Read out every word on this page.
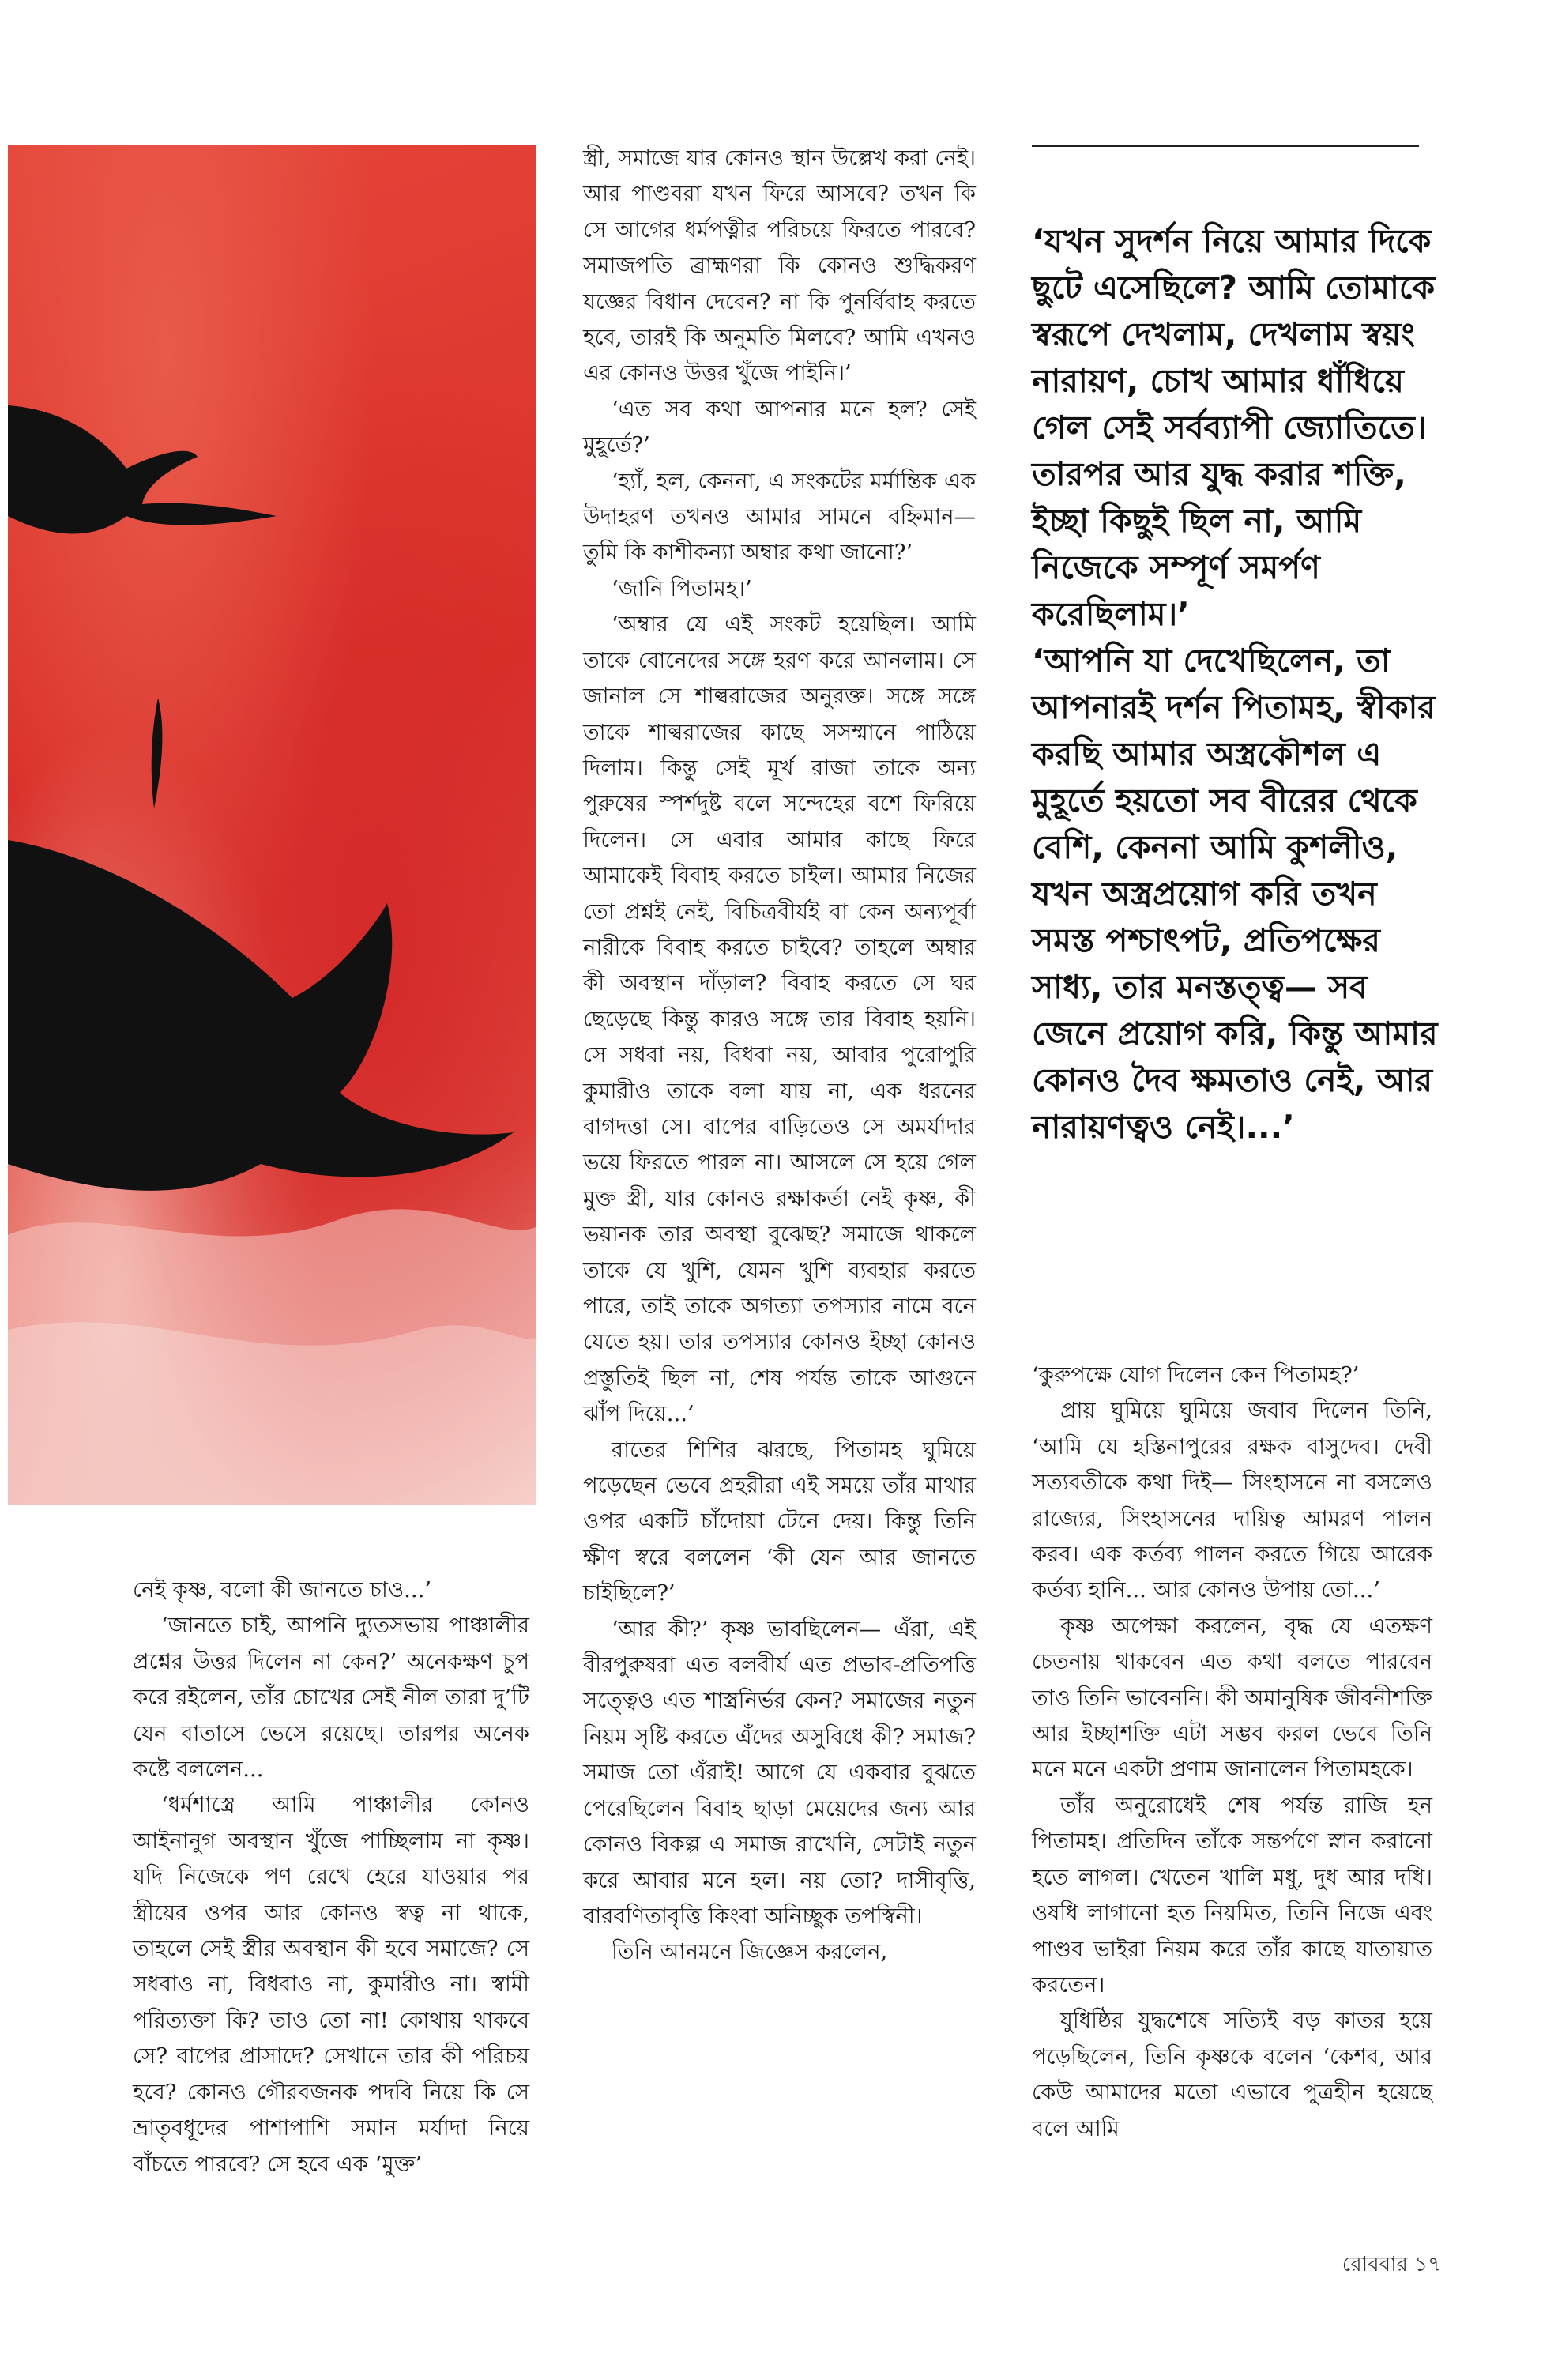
নেই কৃষ্ণ, বলো কী জানতে চাও...’

‘জানতে চাই, আপনি দ্যুতসভায় পাঞ্চালীর প্রশ্নের উত্তর দিলেন না কেন?’ অনেকক্ষণ চুপ করে রইলেন, তাঁর চোখের সেই নীল তারা দু’টি যেন বাতাসে ভেসে রয়েছে। তারপর অনেক কষ্টে বললেন...

‘ধর্মশাস্ত্রে আমি পাঞ্চালীর কোনও আইনানুগ অবস্থান খুঁজে পাচ্ছিলাম না কৃষ্ণ। যদি নিজেকে পণ রেখে হেরে যাওয়ার পর স্ত্রীয়ের ওপর আর কোনও স্বত্ব না থাকে, তাহলে সেই স্ত্রীর অবস্থান কী হবে সমাজে? সে সধবাও না, বিধবাও না, কুমারীও না। স্বামী পরিত্যক্তা কি? তাও তো না! কোথায় থাকবে সে? বাপের প্রাসাদে? সেখানে তার কী পরিচয় হবে? কোনও গৌরবজনক পদবি নিয়ে কি সে ভ্রাতৃবধূদের পাশাপাশি সমান মর্যাদা নিয়ে বাঁচতে পারবে? সে হবে এক ‘মুক্ত’

স্ত্রী, সমাজে যার কোনও স্থান উল্লেখ করা নেই। আর পাণ্ডবরা যখন ফিরে আসবে? তখন কি সে আগের ধর্মপত্নীর পরিচয়ে ফিরতে পারবে? সমাজপতি ব্রাহ্মণরা কি কোনও শুদ্ধিকরণ যজ্ঞের বিধান দেবেন? না কি পুনর্বিবাহ করতে হবে, তারই কি অনুমতি মিলবে? আমি এখনও এর কোনও উত্তর খুঁজে পাইনি।’

‘এত সব কথা আপনার মনে হল? সেই মুহূর্তে?’

‘হ্যাঁ, হল, কেননা, এ সংকটের মর্মান্তিক এক উদাহরণ তখনও আমার সামনে বহ্নিমান— তুমি কি কাশীকন্যা অম্বার কথা জানো?’

‘জানি পিতামহ।’

‘অম্বার যে এই সংকট হয়েছিল। আমি তাকে বোনেদের সঙ্গে হরণ করে আনলাম। সে জানাল সে শাল্বরাজের অনুরক্ত। সঙ্গে সঙ্গে তাকে শাল্বরাজের কাছে সসম্মানে পাঠিয়ে দিলাম। কিন্তু সেই মূর্খ রাজা তাকে অন্য পুরুষের স্পর্শদুষ্ট বলে সন্দেহের বশে ফিরিয়ে দিলেন। সে এবার আমার কাছে ফিরে আমাকেই বিবাহ করতে চাইল। আমার নিজের তো প্রশ্নই নেই, বিচিত্রবীর্যই বা কেন অন্যপূর্বা নারীকে বিবাহ করতে চাইবে? তাহলে অম্বার কী অবস্থান দাঁড়াল? বিবাহ করতে সে ঘর ছেড়েছে কিন্তু কারও সঙ্গে তার বিবাহ হয়নি। সে সধবা নয়, বিধবা নয়, আবার পুরোপুরি কুমারীও তাকে বলা যায় না, এক ধরনের বাগদত্তা সে। বাপের বাড়িতেও সে অমর্যাদার ভয়ে ফিরতে পারল না। আসলে সে হয়ে গেল মুক্ত স্ত্রী, যার কোনও রক্ষাকর্তা নেই কৃষ্ণ, কী ভয়ানক তার অবস্থা বুঝেছ? সমাজে থাকলে তাকে যে খুশি, যেমন খুশি ব্যবহার করতে পারে, তাই তাকে অগত্যা তপস্যার নামে বনে যেতে হয়। তার তপস্যার কোনও ইচ্ছা কোনও প্রস্তুতিই ছিল না, শেষ পর্যন্ত তাকে আগুনে ঝাঁপ দিয়ে...’

রাতের শিশির ঝরছে, পিতামহ ঘুমিয়ে পড়েছেন ভেবে প্রহরীরা এই সময়ে তাঁর মাথার ওপর একটি চাঁদোয়া টেনে দেয়। কিন্তু তিনি ক্ষীণ স্বরে বললেন ‘কী যেন আর জানতে চাইছিলে?’

‘আর কী?’ কৃষ্ণ ভাবছিলেন— এঁরা, এই বীরপুরুষরা এত বলবীর্য এত প্রভাব-প্রতিপত্তি সত্ত্বেও এত শাস্ত্রনির্ভর কেন? সমাজের নতুন নিয়ম সৃষ্টি করতে এঁদের অসুবিধে কী? সমাজ? সমাজ তো এঁরাই! আগে যে একবার বুঝতে পেরেছিলেন বিবাহ ছাড়া মেয়েদের জন্য আর কোনও বিকল্প এ সমাজ রাখেনি, সেটাই নতুন করে আবার মনে হল। নয় তো? দাসীবৃত্তি, বারবণিতাবৃত্তি কিংবা অনিচ্ছুক তপস্বিনী।

তিনি আনমনে জিজ্ঞেস করলেন,

‘যখন সুদর্শন নিয়ে আমার দিকে ছুটে এসেছিলে? আমি তোমাকে স্বরূপে দেখলাম, দেখলাম স্বয়ং নারায়ণ, চোখ আমার ধাঁধিয়ে গেল সেই সর্বব্যাপী জ্যোতিতে। তারপর আর যুদ্ধ করার শক্তি, ইচ্ছা কিছুই ছিল না, আমি নিজেকে সম্পূর্ণ সমর্পণ করেছিলাম।’

‘আপনি যা দেখেছিলেন, তা আপনারই দর্শন পিতামহ, স্বীকার করছি আমার অস্ত্রকৌশল এ মুহূর্তে হয়তো সব বীরের থেকে বেশি, কেননা আমি কুশলীও, যখন অস্ত্রপ্রয়োগ করি তখন সমস্ত পশ্চাৎপট, প্রতিপক্ষের সাধ্য, তার মনস্তত্ত্ব— সব জেনে প্রয়োগ করি, কিন্তু আমার কোনও দৈব ক্ষমতাও নেই, আর নারায়ণত্বও নেই।...’

‘কুরুপক্ষে যোগ দিলেন কেন পিতামহ?’

প্রায় ঘুমিয়ে ঘুমিয়ে জবাব দিলেন তিনি, ‘আমি যে হস্তিনাপুরের রক্ষক বাসুদেব। দেবী সত্যবতীকে কথা দিই— সিংহাসনে না বসলেও রাজ্যের, সিংহাসনের দায়িত্ব আমরণ পালন করব। এক কর্তব্য পালন করতে গিয়ে আরেক কর্তব্য হানি... আর কোনও উপায় তো...’

কৃষ্ণ অপেক্ষা করলেন, বৃদ্ধ যে এতক্ষণ চেতনায় থাকবেন এত কথা বলতে পারবেন তাও তিনি ভাবেননি। কী অমানুষিক জীবনীশক্তি আর ইচ্ছাশক্তি এটা সম্ভব করল ভেবে তিনি মনে মনে একটা প্রণাম জানালেন পিতামহকে।

তাঁর অনুরোধেই শেষ পর্যন্ত রাজি হন পিতামহ। প্রতিদিন তাঁকে সন্তর্পণে স্নান করানো হতে লাগল। খেতেন খালি মধু, দুধ আর দধি। ওষধি লাগানো হত নিয়মিত, তিনি নিজে এবং পাণ্ডব ভাইরা নিয়ম করে তাঁর কাছে যাতায়াত করতেন।

যুধিষ্ঠির যুদ্ধশেষে সত্যিই বড় কাতর হয়ে পড়েছিলেন, তিনি কৃষ্ণকে বলেন ‘কেশব, আর কেউ আমাদের মতো এভাবে পুত্রহীন হয়েছে বলে আমি

রোববার ১৭
